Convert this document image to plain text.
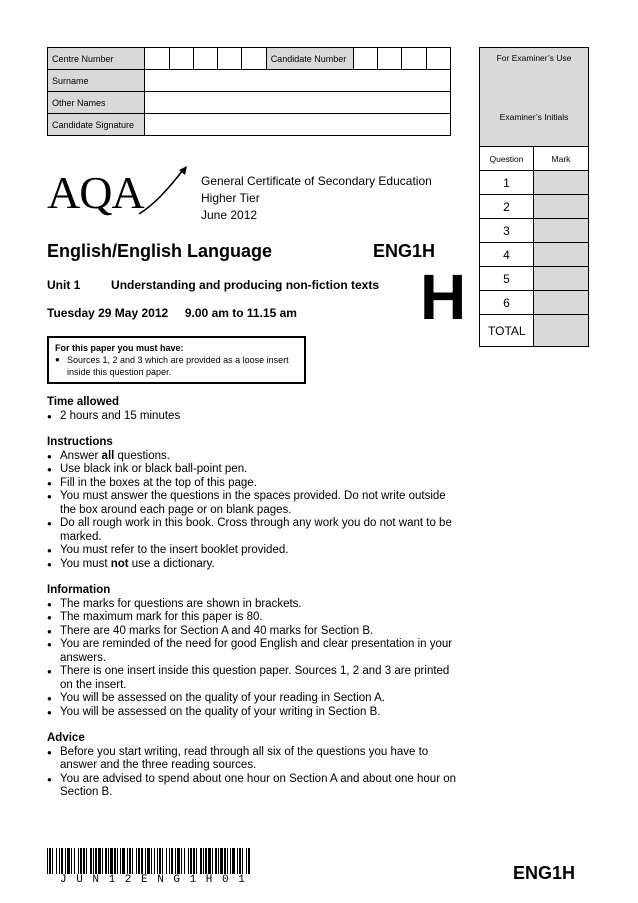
Centre Number						Candidate Number				
Surname										
Other Names										
Candidate Signature										
For Examiner’s Use
Examiner’s Initials
Question	Mark
1	
2	
3	
4	
5	
6	
TOTAL	
AQA	General Certificate of Secondary Education
Higher Tier
June 2012
English/English Language	ENG1H
Unit 1	Understanding and producing non-fiction texts
Tuesday 29 May 2012 9.00 am to 11.15 am H
For this paper you must have:
● Sources 1, 2 and 3 which are provided as a loose insert inside this question paper.
Time allowed
● 2 hours and 15 minutes
Instructions
● Answer all questions.
● Use black ink or black ball-point pen.
● Fill in the boxes at the top of this page.
● You must answer the questions in the spaces provided. Do not write outside the box around each page or on blank pages.
● Do all rough work in this book. Cross through any work you do not want to be marked.
● You must refer to the insert booklet provided.
● You must not use a dictionary.
Information
● The marks for questions are shown in brackets.
● The maximum mark for this paper is 80.
● There are 40 marks for Section A and 40 marks for Section B.
● You are reminded of the need for good English and clear presentation in your answers.
● There is one insert inside this question paper. Sources 1, 2 and 3 are printed on the insert.
● You will be assessed on the quality of your reading in Section A.
● You will be assessed on the quality of your writing in Section B.
Advice
● Before you start writing, read through all six of the questions you have to answer and the three reading sources.
● You are advised to spend about one hour on Section A and about one hour on Section B.
JUN12ENG1H01	ENG1H
